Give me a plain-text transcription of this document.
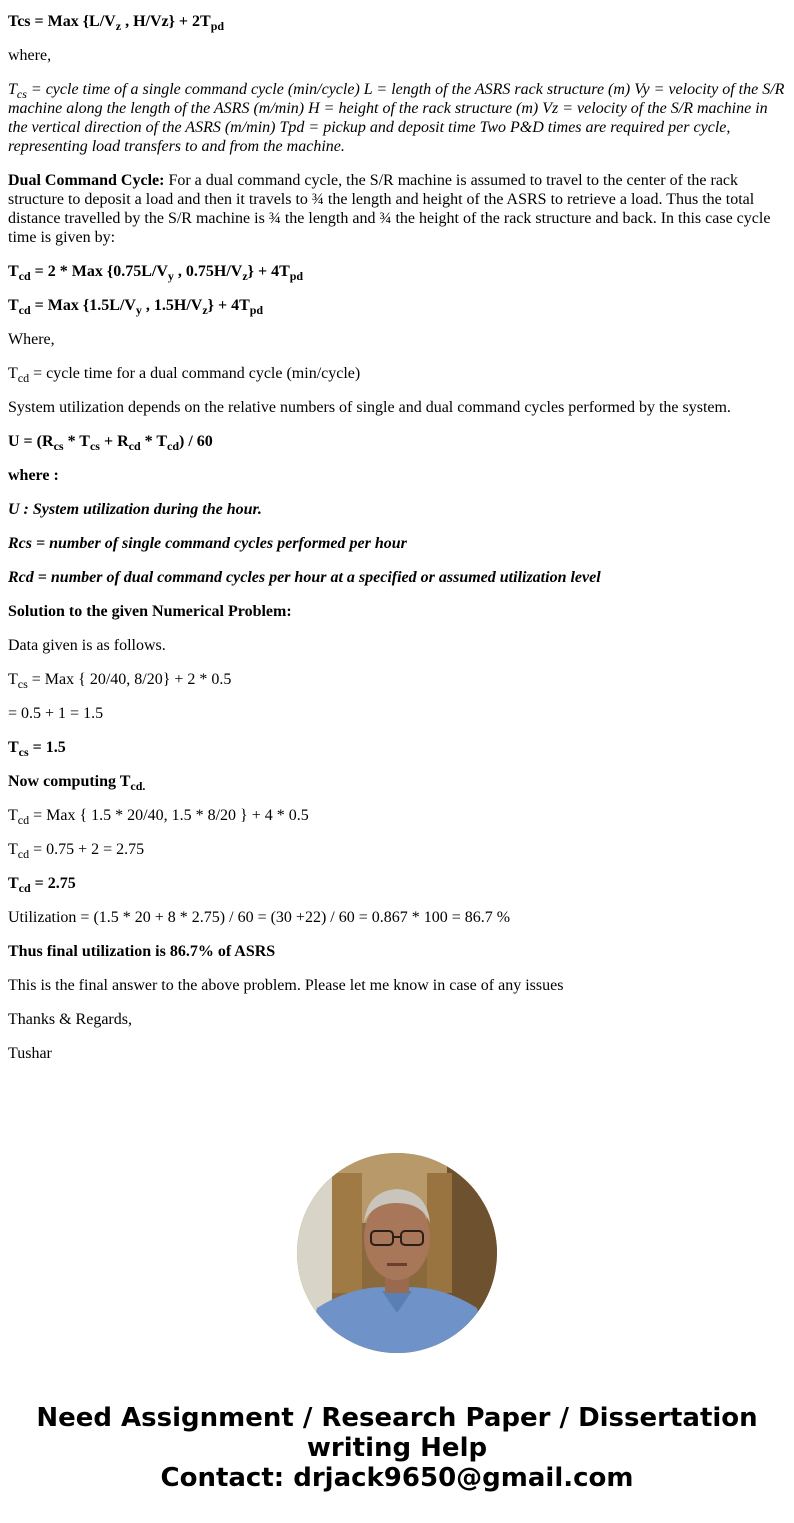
Tcs = Max {$L/V_z$ , $H/Vz\} + 2T_{pd}$

where,

$T_{cs}$ = cycle time of a single command cycle (min/cycle) L = length of the ASRS rack structure (m) Vy = velocity of the S/R machine along the length of the ASRS (m/min) H = height of the rack structure (m) Vz = velocity of the S/R machine in the vertical direction of the ASRS (m/min) Tpd = pickup and deposit time Two P&D times are required per cycle, representing load transfers to and from the machine.

Dual Command Cycle: For a dual command cycle, the S/R machine is assumed to travel to the center of the rack structure to deposit a load and then it travels to ¾ the length and height of the ASRS to retrieve a load. Thus the total distance travelled by the S/R machine is ¾ the length and ¾ the height of the rack structure and back. In this case cycle time is given by:

$T_{cd} = 2$ * Max {$0.75L/V_y$ , $0.75H/V_z\} + 4T_{pd}$

$T_{cd}$ = Max {$1.5L/V_y$ , $1.5H/V_z\} + 4T_{pd}$

Where,

$T_{cd}$ = cycle time for a dual command cycle (min/cycle)

System utilization depends on the relative numbers of single and dual command cycles performed by the system.

$U = (R_{cs} * T_{cs} + R_{cd} * T_{cd}) / 60$

where :

U : System utilization during the hour.

Rcs = number of single command cycles performed per hour

Rcd = number of dual command cycles per hour at a specified or assumed utilization level

Solution to the given Numerical Problem:

Data given is as follows.

$T_{cs}$ = Max { 20/40, 8/20} + 2 * 0.5

= 0.5 + 1 = 1.5

$T_{cs} = 1.5$

Now computing $T_{cd.}$

$T_{cd}$ = Max { 1.5 * 20/40, 1.5 * 8/20 } + 4 * 0.5

$T_{cd} = 0.75 + 2 = 2.75$

$T_{cd} = 2.75$

Utilization = (1.5 * 20 + 8 * 2.75) / 60 = (30 +22) / 60 = 0.867 * 100 = 86.7 %

Thus final utilization is 86.7% of ASRS

This is the final answer to the above problem. Please let me know in case of any issues

Thanks & Regards,

Tushar

Need Assignment / Research Paper / Dissertation
writing Help
Contact: drjack9650@gmail.com
